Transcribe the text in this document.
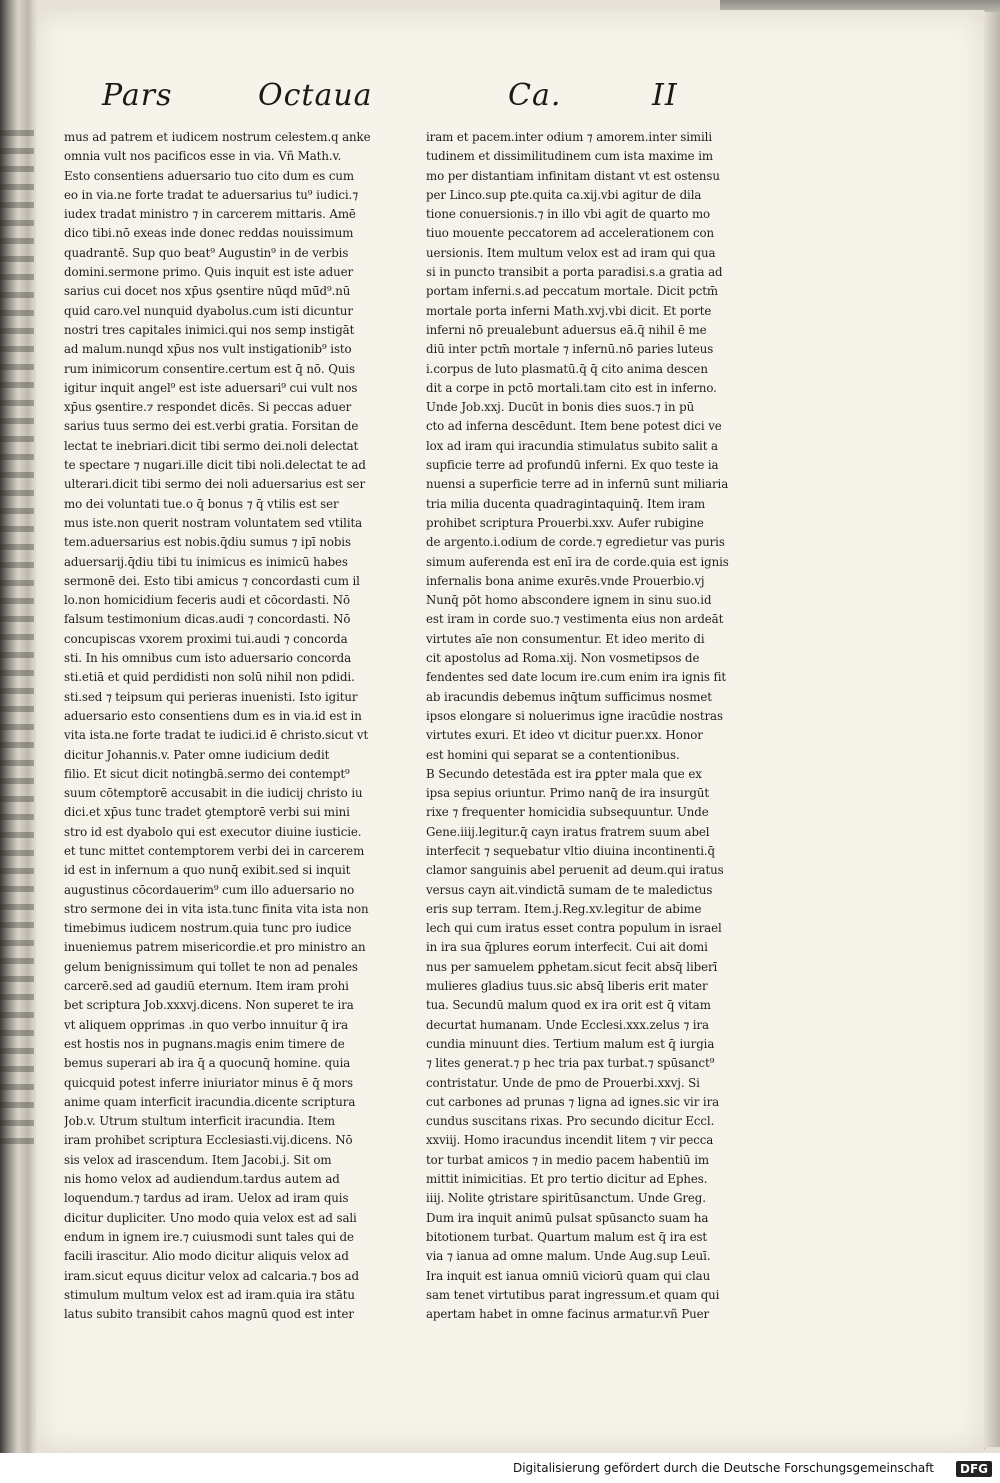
Pars	Octaua	Ca.	II

mus ad patrem et iudicem nostrum celestem.q anke

omnia vult nos pacificos esse in via. Vñ Math.v.

Esto consentiens aduersario tuo cito dum es cum

eo in via.ne forte tradat te aduersarius tu⁹ iudici.⁊

iudex tradat ministro ⁊ in carcerem mittaris. Amē

dico tibi.nō exeas inde donec reddas nouissimum

quadrantē. Sup quo beat⁹ Augustin⁹ in de verbis

domini.sermone primo. Quis inquit est iste aduer

sarius cui docet nos xp̄us ꝯsentire nūqd mū̄d⁹.nū

quid caro.vel nunquid dyabolus.cum isti dicuntur

nostri tres capitales inimici.qui nos semp instigāt

ad malum.nunqd xp̄us nos vult instigationib⁹ isto

rum inimicorum consentire.certum est q̄ nō. Quis

igitur inquit angel⁹ est iste aduersari⁹ cui vult nos

xp̄us ꝯsentire.⁊ respondet dicēs. Si peccas aduer

sarius tuus sermo dei est.verbi gratia. Forsitan de

lectat te inebriari.dicit tibi sermo dei.noli delectat

te spectare ⁊ nugari.ille dicit tibi noli.delectat te ad

ulterari.dicit tibi sermo dei noli aduersarius est ser

mo dei voluntati tue.o q̄ bonus ⁊ q̄ vtilis est ser

mus iste.non querit nostram voluntatem sed vtilita

tem.aduersarius est nobis.q̄diu sumus ⁊ ipī nobis

aduersarij.q̄diu tibi tu inimicus es inimicū habes

sermonē dei. Esto tibi amicus ⁊ concordasti cum il

lo.non homicidium feceris audi et cōcordasti. Nō

falsum testimonium dicas.audi ⁊ concordasti. Nō

concupiscas vxorem proximi tui.audi ⁊ concorda

sti. In his omnibus cum isto aduersario concorda

sti.etiā et quid perdidisti non solū nihil non pdidi.

sti.sed ⁊ teipsum qui perieras inuenisti. Isto igitur

aduersario esto consentiens dum es in via.id est in

vita ista.ne forte tradat te iudici.id ē christo.sicut vt

dicitur Johannis.v. Pater omne iudicium dedit

filio. Et sicut dicit notingbā.sermo dei contempt⁹

suum cōtemptorē accusabit in die iudicij christo iu

dici.et xp̄us tunc tradet ꝯtemptorē verbi sui mini

stro id est dyabolo qui est executor diuine iusticie.

et tunc mittet contemptorem verbi dei in carcerem

id est in infernum a quo nunq̄ exibit.sed si inquit

augustinus cōcordauerim⁹ cum illo aduersario no

stro sermone dei in vita ista.tunc finita vita ista non

timebimus iudicem nostrum.quia tunc pro iudice

inueniemus patrem misericordie.et pro ministro an

gelum benignissimum qui tollet te non ad penales

carcerē.sed ad gaudiū eternum. Item iram prohi

bet scriptura Job.xxxvj.dicens. Non superet te ira

vt aliquem opprimas .in quo verbo innuitur q̄ ira

est hostis nos in pugnans.magis enim timere de

bemus superari ab ira q̄ a quocunq̄ homine. quia

quicquid potest inferre iniuriator minus ē q̄ mors

anime quam interficit iracundia.dicente scriptura

Job.v. Utrum stultum interficit iracundia. Item

iram prohibet scriptura Ecclesiasti.vij.dicens. Nō

sis velox ad irascendum. Item Jacobi.j. Sit om

nis homo velox ad audiendum.tardus autem ad

loquendum.⁊ tardus ad iram. Uelox ad iram quis

dicitur dupliciter. Uno modo quia velox est ad sali

endum in ignem ire.⁊ cuiusmodi sunt tales qui de

facili irascitur. Alio modo dicitur aliquis velox ad

iram.sicut equus dicitur velox ad calcaria.⁊ bos ad

stimulum multum velox est ad iram.quia ira stātu

latus subito transibit cahos magnū quod est inter

iram et pacem.inter odium ⁊ amorem.inter simili

tudinem et dissimilitudinem cum ista maxime im

mo per distantiam infinitam distant vt est ostensu

per Linco.sup ꝑte.quita ca.xij.vbi agitur de dila

tione conuersionis.⁊ in illo vbi agit de quarto mo

tiuo mouente peccatorem ad accelerationem con

uersionis. Item multum velox est ad iram qui qua

si in puncto transibit a porta paradisi.s.a gratia ad

portam inferni.s.ad peccatum mortale. Dicit pctm̄

mortale porta inferni Math.xvj.vbi dicit. Et porte

inferni nō preualebunt aduersus eā.q̄ nihil ē me

diū inter pctm̄ mortale ⁊ infernū.nō paries luteus

i.corpus de luto plasmatū.q̄ q̄ cito anima descen

dit a corpe in pctō mortali.tam cito est in inferno.

Unde Job.xxj. Ducūt in bonis dies suos.⁊ in pū

cto ad inferna descēdunt. Item bene potest dici ve

lox ad iram qui iracundia stimulatus subito salit a

supficie terre ad profundū inferni. Ex quo teste ia

nuensi a superficie terre ad in infernū sunt miliaria

tria milia ducenta quadragintaquinq̄. Item iram

prohibet scriptura Prouerbi.xxv. Aufer rubigine

de argento.i.odium de corde.⁊ egredietur vas puris

simum auferenda est enī ira de corde.quia est ignis

infernalis bona anime exurēs.vnde Prouerbio.vj

Nunq̄ pōt homo abscondere ignem in sinu suo.id

est iram in corde suo.⁊ vestimenta eius non ardeāt

virtutes aīe non consumentur. Et ideo merito di

cit apostolus ad Roma.xij. Non vosmetipsos de

fendentes sed date locum ire.cum enim ira ignis fit

ab iracundis debemus inq̄tum sufficimus nosmet

ipsos elongare si noluerimus igne iracūdie nostras

virtutes exuri. Et ideo vt dicitur puer.xx. Honor

est homini qui separat se a contentionibus.

B Secundo detestāda est ira ꝑpter mala que ex

ipsa sepius oriuntur. Primo nanq̄ de ira insurgūt

rixe ⁊ frequenter homicidia subsequuntur. Unde

Gene.iiij.legitur.q̄ cayn iratus fratrem suum abel

interfecit ⁊ sequebatur vltio diuina incontinenti.q̄

clamor sanguinis abel peruenit ad deum.qui iratus

versus cayn ait.vindictā sumam de te maledictus

eris sup terram. Item.j.Reg.xv.legitur de abime

lech qui cum iratus esset contra populum in israel

in ira sua q̄plures eorum interfecit. Cui ait domi

nus per samuelem ꝑphetam.sicut fecit absq̄ liberī

mulieres gladius tuus.sic absq̄ liberis erit mater

tua. Secundū malum quod ex ira orit est q̄ vitam

decurtat humanam. Unde Ecclesi.xxx.zelus ⁊ ira

cundia minuunt dies. Tertium malum est q̄ iurgia

⁊ lites generat.⁊ p hec tria pax turbat.⁊ spūsanct⁹

contristatur. Unde de pmo de Prouerbi.xxvj. Si

cut carbones ad prunas ⁊ ligna ad ignes.sic vir ira

cundus suscitans rixas. Pro secundo dicitur Eccl.

xxviij. Homo iracundus incendit litem ⁊ vir pecca

tor turbat amicos ⁊ in medio pacem habentiū im

mittit inimicitias. Et pro tertio dicitur ad Ephes.

iiij. Nolite ꝯtristare spiritūsanctum. Unde Greg.

Dum ira inquit animū pulsat spūsancto suam ha

bitotionem turbat. Quartum malum est q̄ ira est

via ⁊ ianua ad omne malum. Unde Aug.sup Leuī.

Ira inquit est ianua omniū viciorū quam qui clau

sam tenet virtutibus parat ingressum.et quam qui

apertam habet in omne facinus armatur.vñ Puer

Digitalisierung gefördert durch die Deutsche Forschungsgemeinschaft	DFG
